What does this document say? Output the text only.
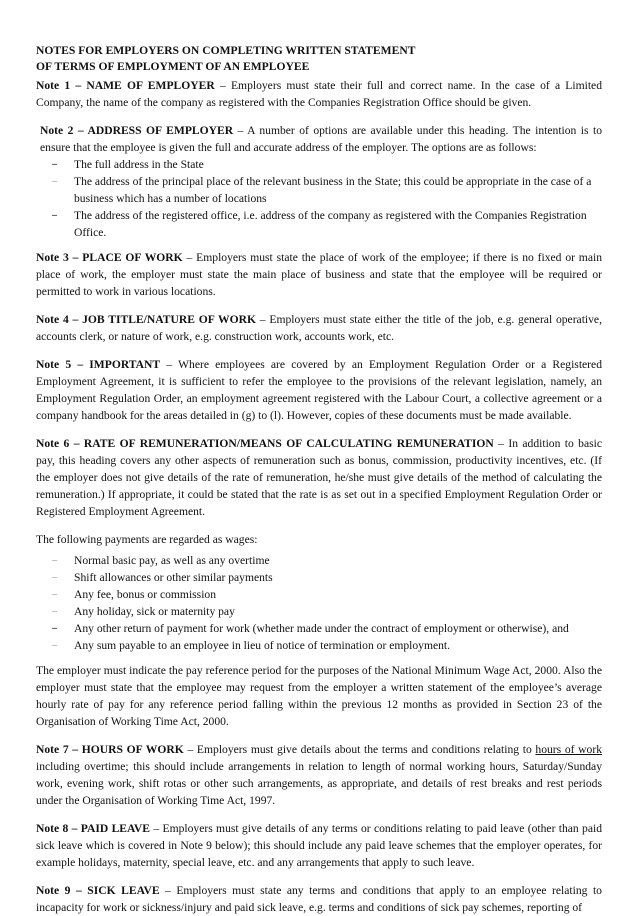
NOTES FOR EMPLOYERS ON COMPLETING WRITTEN STATEMENT
OF TERMS OF EMPLOYMENT OF AN EMPLOYEE

Note 1 – NAME OF EMPLOYER – Employers must state their full and correct name. In the case of a Limited Company, the name of the company as registered with the Companies Registration Office should be given.

Note 2 – ADDRESS OF EMPLOYER – A number of options are available under this heading. The intention is to ensure that the employee is given the full and accurate address of the employer. The options are as follows:

– The full address in the State
– The address of the principal place of the relevant business in the State; this could be appropriate in the case of a business which has a number of locations
– The address of the registered office, i.e. address of the company as registered with the Companies Registration Office.

Note 3 – PLACE OF WORK – Employers must state the place of work of the employee; if there is no fixed or main place of work, the employer must state the main place of business and state that the employee will be required or permitted to work in various locations.

Note 4 – JOB TITLE/NATURE OF WORK – Employers must state either the title of the job, e.g. general operative, accounts clerk, or nature of work, e.g. construction work, accounts work, etc.

Note 5 – IMPORTANT – Where employees are covered by an Employment Regulation Order or a Registered Employment Agreement, it is sufficient to refer the employee to the provisions of the relevant legislation, namely, an Employment Regulation Order, an employment agreement registered with the Labour Court, a collective agreement or a company handbook for the areas detailed in (g) to (l). However, copies of these documents must be made available.

Note 6 – RATE OF REMUNERATION/MEANS OF CALCULATING REMUNERATION – In addition to basic pay, this heading covers any other aspects of remuneration such as bonus, commission, productivity incentives, etc. (If the employer does not give details of the rate of remuneration, he/she must give details of the method of calculating the remuneration.) If appropriate, it could be stated that the rate is as set out in a specified Employment Regulation Order or Registered Employment Agreement.

The following payments are regarded as wages:

– Normal basic pay, as well as any overtime
– Shift allowances or other similar payments
– Any fee, bonus or commission
– Any holiday, sick or maternity pay
– Any other return of payment for work (whether made under the contract of employment or otherwise), and
– Any sum payable to an employee in lieu of notice of termination or employment.

The employer must indicate the pay reference period for the purposes of the National Minimum Wage Act, 2000. Also the employer must state that the employee may request from the employer a written statement of the employee’s average hourly rate of pay for any reference period falling within the previous 12 months as provided in Section 23 of the Organisation of Working Time Act, 2000.

Note 7 – HOURS OF WORK – Employers must give details about the terms and conditions relating to hours of work including overtime; this should include arrangements in relation to length of normal working hours, Saturday/Sunday work, evening work, shift rotas or other such arrangements, as appropriate, and details of rest breaks and rest periods under the Organisation of Working Time Act, 1997.

Note 8 – PAID LEAVE – Employers must give details of any terms or conditions relating to paid leave (other than paid sick leave which is covered in Note 9 below); this should include any paid leave schemes that the employer operates, for example holidays, maternity, special leave, etc. and any arrangements that apply to such leave.

Note 9 – SICK LEAVE – Employers must state any terms and conditions that apply to an employee relating to incapacity for work or sickness/injury and paid sick leave, e.g. terms and conditions of sick pay schemes, reporting of
